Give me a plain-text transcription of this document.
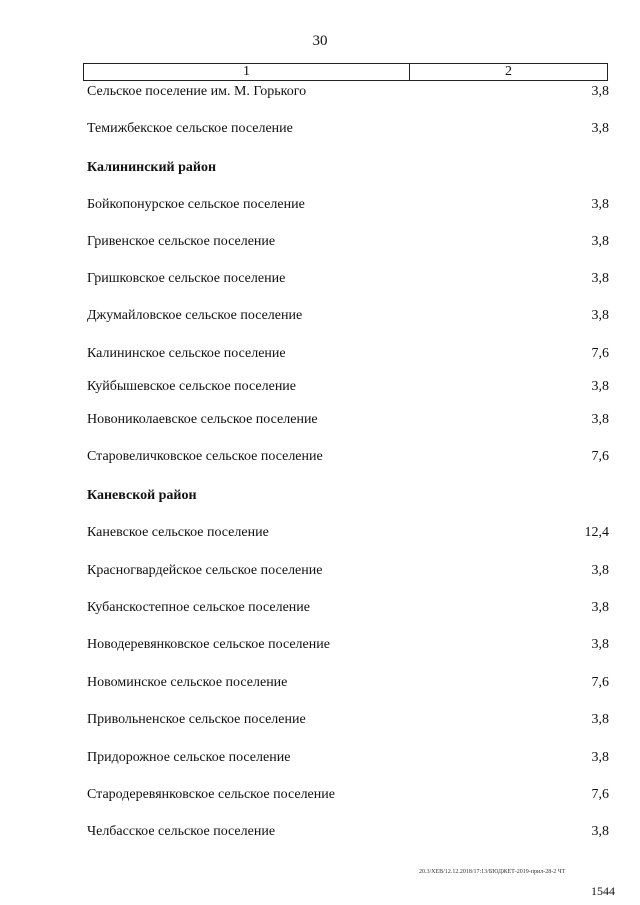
30
1	2
Сельское поселение им. М. Горького	3,8
Темижбекское сельское поселение	3,8
Калининский район
Бойкопонурское сельское поселение	3,8
Гривенское сельское поселение	3,8
Гришковское сельское поселение	3,8
Джумайловское сельское поселение	3,8
Калининское сельское поселение	7,6
Куйбышевское сельское поселение	3,8
Новониколаевское сельское поселение	3,8
Старовеличковское сельское поселение	7,6
Каневской район
Каневское сельское поселение	12,4
Красногвардейское сельское поселение	3,8
Кубанскостепное сельское поселение	3,8
Новодеревянковское сельское поселение	3,8
Новоминское сельское поселение	7,6
Привольненское сельское поселение	3,8
Придорожное сельское поселение	3,8
Стародеревянковское сельское поселение	7,6
Челбасское сельское поселение	3,8
20.3/ХЕВ/12.12.2018/17:13/БЮДЖЕТ-2019-прил-28-2 ЧТ
1544
